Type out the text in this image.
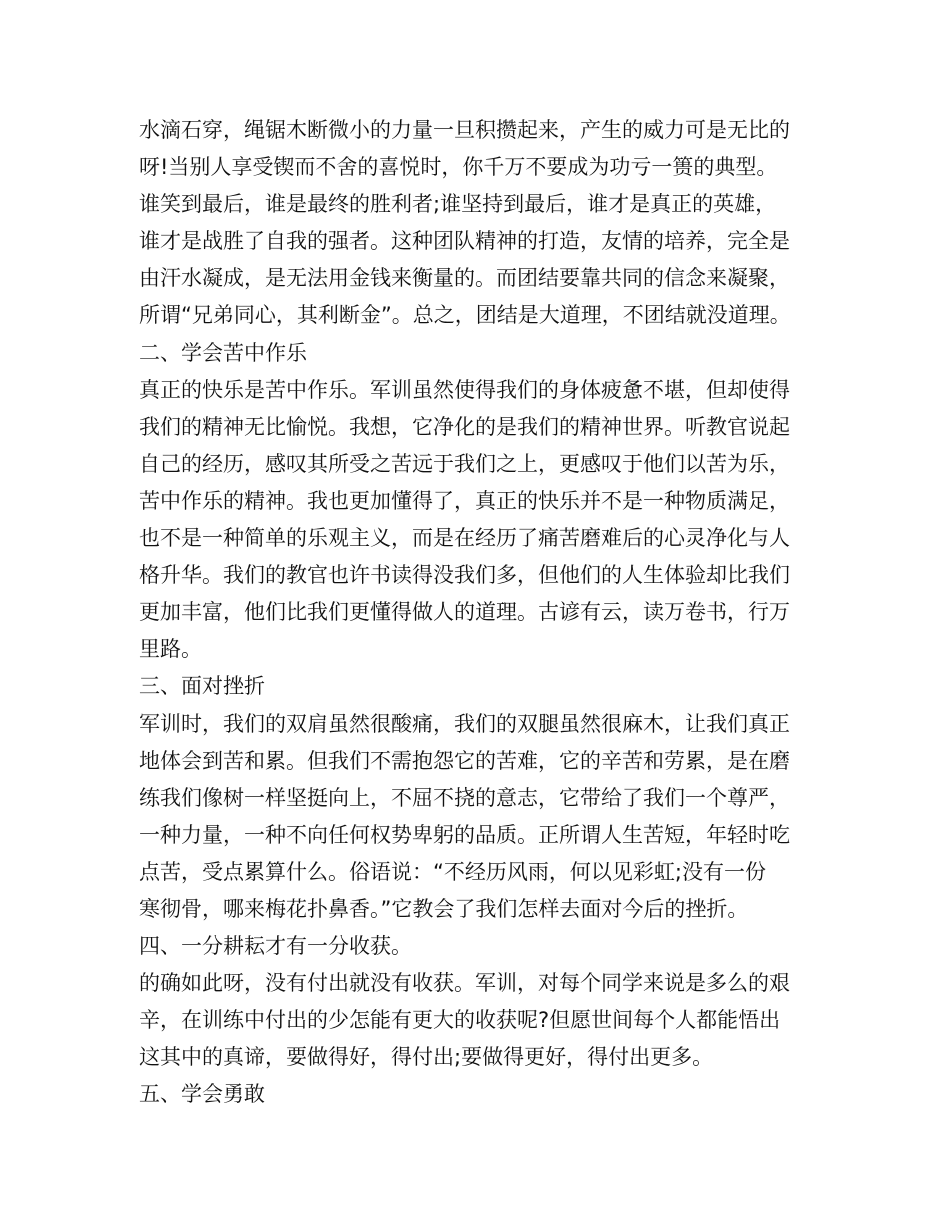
水滴石穿，绳锯木断微小的力量一旦积攒起来，产生的威力可是无比的

呀!当别人享受锲而不舍的喜悦时，你千万不要成为功亏一篑的典型。

谁笑到最后，谁是最终的胜利者;谁坚持到最后，谁才是真正的英雄，

谁才是战胜了自我的强者。这种团队精神的打造，友情的培养，完全是

由汗水凝成，是无法用金钱来衡量的。而团结要靠共同的信念来凝聚，

所谓“兄弟同心，其利断金”。总之，团结是大道理，不团结就没道理。

二、学会苦中作乐

真正的快乐是苦中作乐。军训虽然使得我们的身体疲惫不堪，但却使得

我们的精神无比愉悦。我想，它净化的是我们的精神世界。听教官说起

自己的经历，感叹其所受之苦远于我们之上，更感叹于他们以苦为乐，

苦中作乐的精神。我也更加懂得了，真正的快乐并不是一种物质满足，

也不是一种简单的乐观主义，而是在经历了痛苦磨难后的心灵净化与人

格升华。我们的教官也许书读得没我们多，但他们的人生体验却比我们

更加丰富，他们比我们更懂得做人的道理。古谚有云，读万卷书，行万

里路。

三、面对挫折

军训时，我们的双肩虽然很酸痛，我们的双腿虽然很麻木，让我们真正

地体会到苦和累。但我们不需抱怨它的苦难，它的辛苦和劳累，是在磨

练我们像树一样坚挺向上，不屈不挠的意志，它带给了我们一个尊严，

一种力量，一种不向任何权势卑躬的品质。正所谓人生苦短，年轻时吃

点苦，受点累算什么。俗语说：“不经历风雨，何以见彩虹;没有一份

寒彻骨，哪来梅花扑鼻香。”它教会了我们怎样去面对今后的挫折。

四、一分耕耘才有一分收获。

的确如此呀，没有付出就没有收获。军训，对每个同学来说是多么的艰

辛，在训练中付出的少怎能有更大的收获呢?但愿世间每个人都能悟出

这其中的真谛，要做得好，得付出;要做得更好，得付出更多。

五、学会勇敢
